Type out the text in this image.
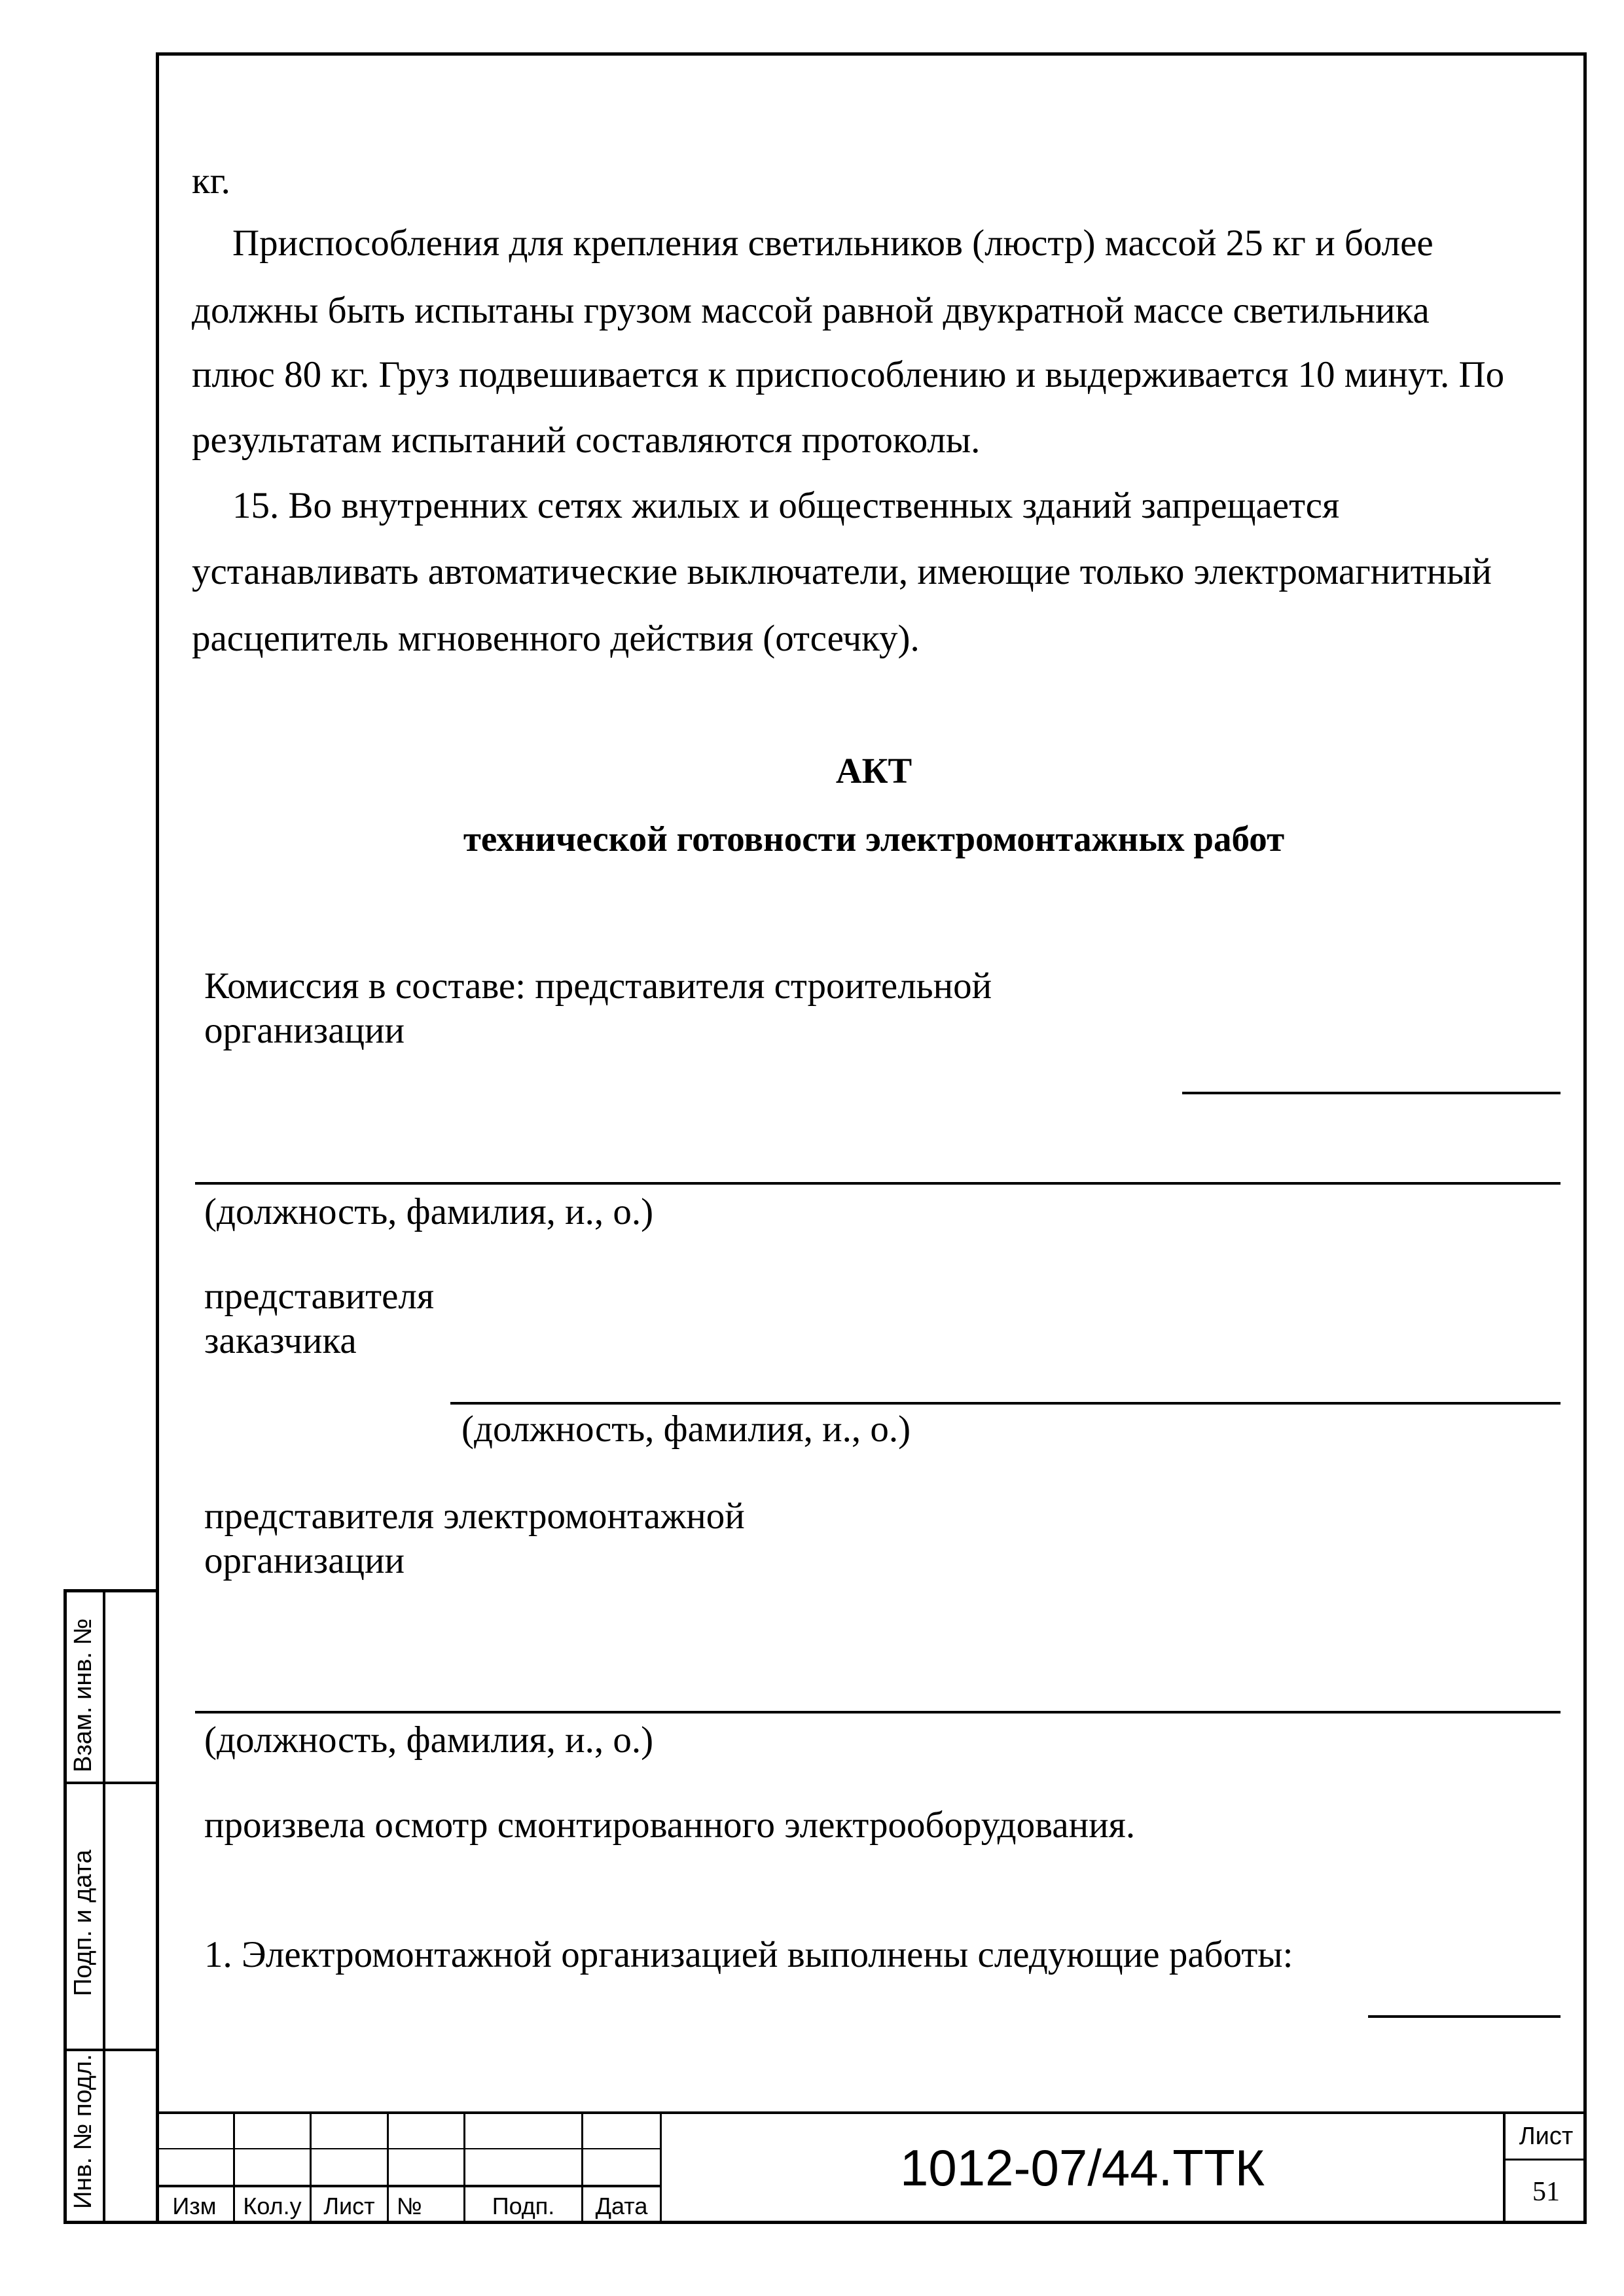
Взам. инв. №
Подп. и дата
Инв. № подл.
кг.
Приспособления для крепления светильников (люстр) массой 25 кг и более
должны быть испытаны грузом массой равной двукратной массе светильника
плюс 80 кг. Груз подвешивается к приспособлению и выдерживается 10 минут. По
результатам испытаний составляются протоколы.
15. Во внутренних сетях жилых и общественных зданий запрещается
устанавливать автоматические выключатели, имеющие только электромагнитный
расцепитель мгновенного действия (отсечку).
АКТ
технической готовности электромонтажных работ
Комиссия в составе: представителя строительной
организации
(должность, фамилия, и., о.)
представителя
заказчика
(должность, фамилия, и., о.)
представителя электромонтажной
организации
(должность, фамилия, и., о.)
произвела осмотр смонтированного электрооборудования.
1. Электромонтажной организацией выполнены следующие работы:
Изм	Кол.у Лист №	Подп.	Дата
1012-07/44.ТТК
Лист
51
